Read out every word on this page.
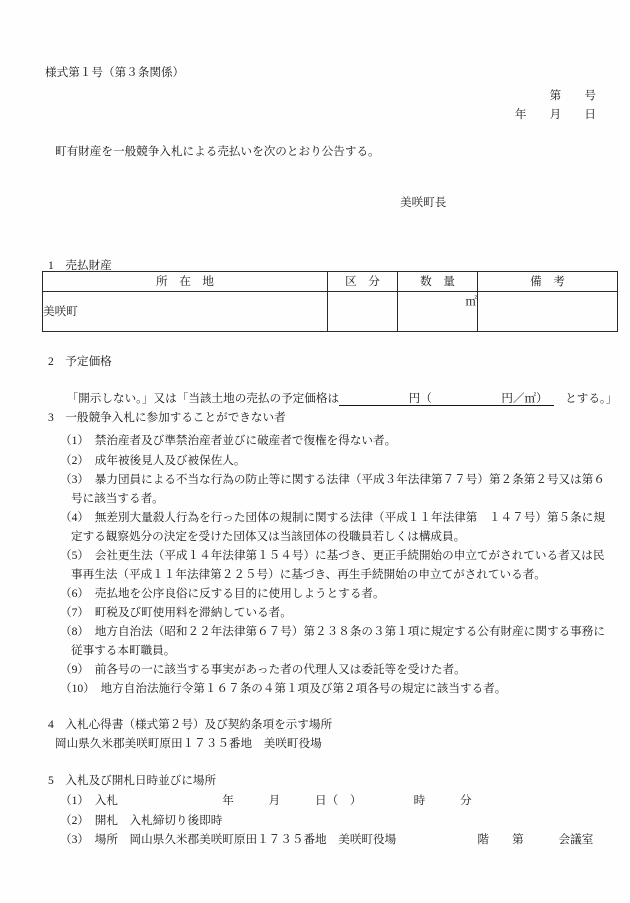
様式第１号（第３条関係）
第　　号
年　　月　　日
町有財産を一般競争入札による売払いを次のとおり公告する。
美咲町長
1　売払財産
所　在　地	区　分	数　量	備　考
美咲町		㎡	
2　予定価格

「開示しない。」又は「当該土地の売払の予定価格は　　　　　　円（　　　　　　円／㎡）　　とする。」

3　一般競争入札に参加することができない者
（1）　禁治産者及び準禁治産者並びに破産者で復権を得ない者。
（2）　成年被後見人及び被保佐人。
（3）　暴力団員による不当な行為の防止等に関する法律（平成３年法律第７７号）第２条第２号又は第６号に該当する者。
（4）　無差別大量殺人行為を行った団体の規制に関する法律（平成１１年法律第　１４７号）第５条に規定する観察処分の決定を受けた団体又は当該団体の役職員若しくは構成員。
（5）　会社更生法（平成１４年法律第１５４号）に基づき、更正手続開始の申立てがされている者又は民事再生法（平成１１年法律第２２５号）に基づき、再生手続開始の申立てがされている者。
（6）　売払地を公序良俗に反する目的に使用しようとする者。
（7）　町税及び町使用料を滞納している者。
（8）　地方自治法（昭和２２年法律第６７号）第２３８条の３第１項に規定する公有財産に関する事務に従事する本町職員。
（9）　前各号の一に該当する事実があった者の代理人又は委託等を受けた者。
（10）　地方自治法施行令第１６７条の４第１項及び第２項各号の規定に該当する者。
4　入札心得書（様式第２号）及び契約条項を示す場所
岡山県久米郡美咲町原田１７３５番地　美咲町役場
5　入札及び開札日時並びに場所
（1）　入札　　　　　　　　　年　　　月　　　日（　）　　　　　時　　　分
（2）　開札　入札締切り後即時
（3）　場所　岡山県久米郡美咲町原田１７３５番地　美咲町役場　　　　　　　階　　第　　　会議室
